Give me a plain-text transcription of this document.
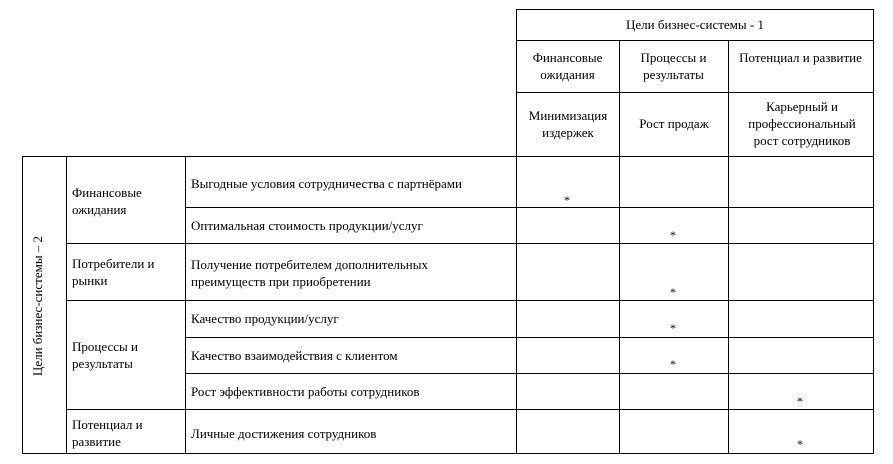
Цели бизнес-системы - 1
Финансовые ожидания
Процессы и результаты
Потенциал и развитие
Минимизация издержек
Рост продаж
Карьерный и профессиональный рост сотрудников
Цели бизнес-системы – 2
Финансовые ожидания
Потребители и рынки
Процессы и результаты
Потенциал и развитие
Выгодные условия сотрудничества с партнёрами
Оптимальная стоимость продукции/услуг
Получение потребителем дополнительных преимуществ при приобретении
Качество продукции/услуг
Качество взаимодействия с клиентом
Рост эффективности работы сотрудников
Личные достижения сотрудников
*
*
*
*
*
*
*
